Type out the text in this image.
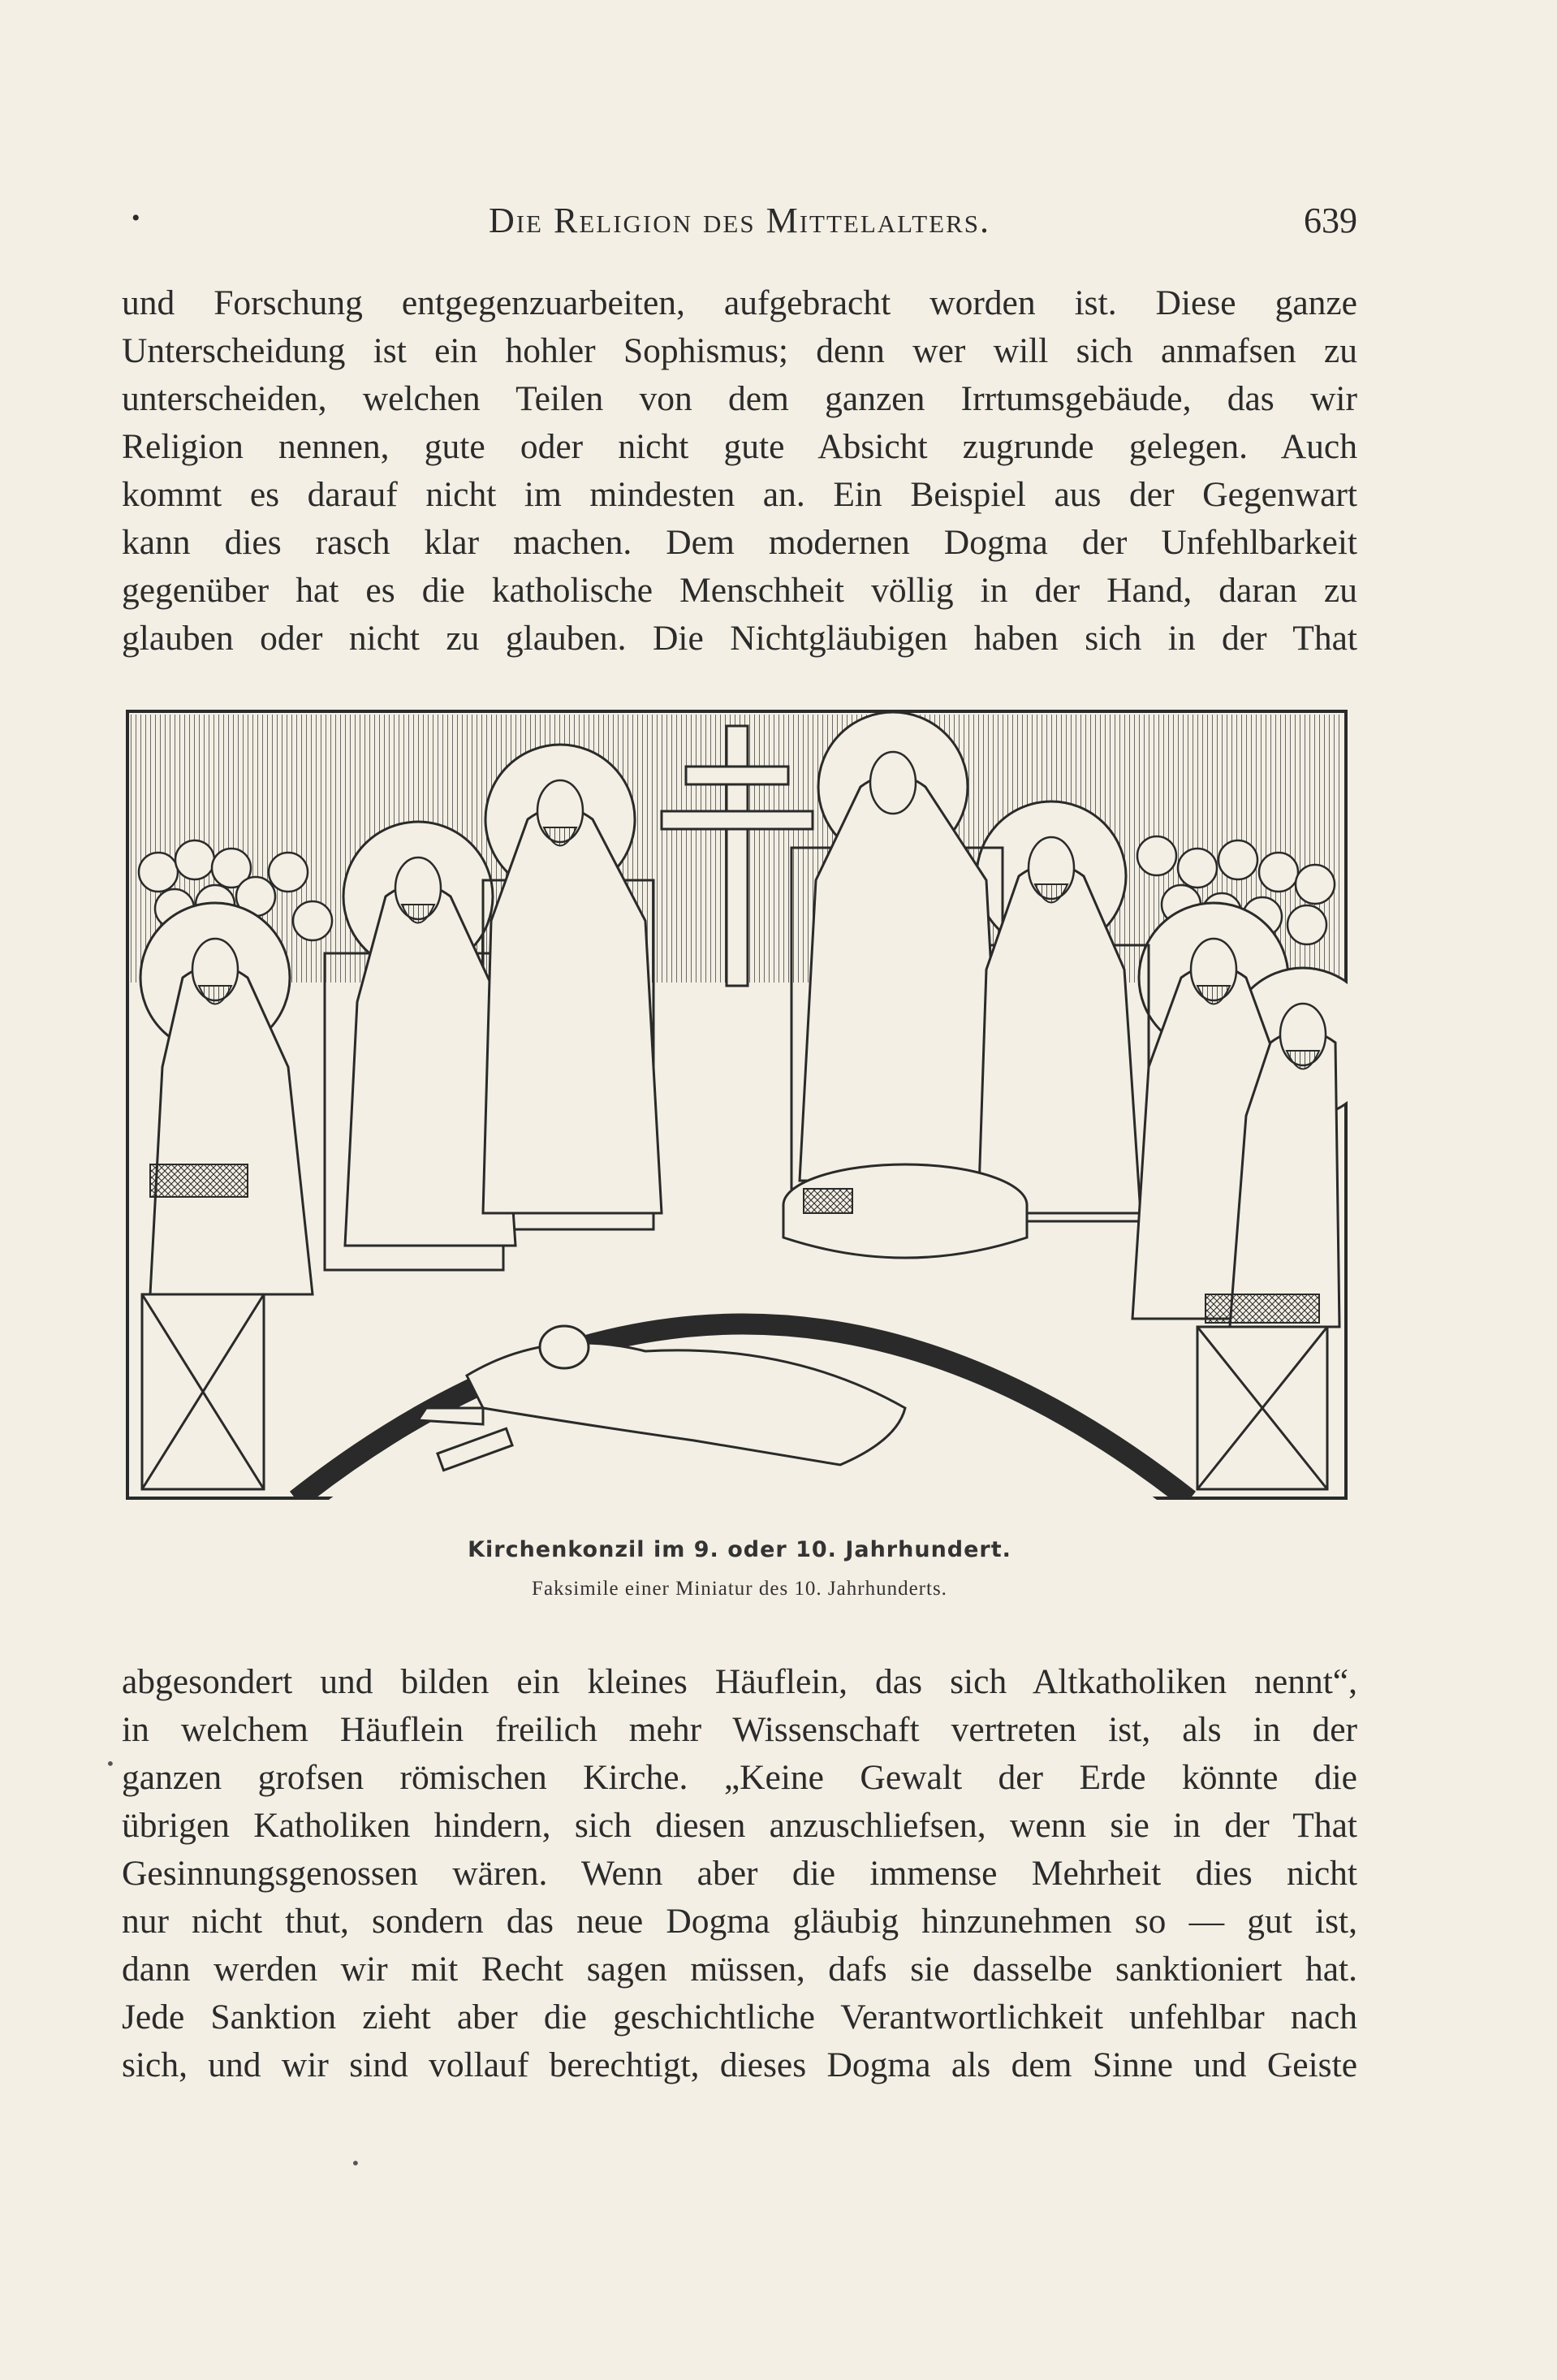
•	Die Religion des Mittelalters.	639

und Forschung entgegenzuarbeiten, aufgebracht worden ist. Diese ganze
Unterscheidung ist ein hohler Sophismus; denn wer will sich anmafsen zu
unterscheiden, welchen Teilen von dem ganzen Irrtumsgebäude, das wir
Religion nennen, gute oder nicht gute Absicht zugrunde gelegen. Auch
kommt es darauf nicht im mindesten an. Ein Beispiel aus der Gegenwart
kann dies rasch klar machen. Dem modernen Dogma der Unfehlbarkeit
gegenüber hat es die katholische Menschheit völlig in der Hand, daran zu
glauben oder nicht zu glauben. Die Nichtgläubigen haben sich in der That

Kirchenkonzil im 9. oder 10. Jahrhundert.
Faksimile einer Miniatur des 10. Jahrhunderts.

abgesondert und bilden ein kleines Häuflein, das sich Altkatholiken nennt“,
in welchem Häuflein freilich mehr Wissenschaft vertreten ist, als in der
ganzen grofsen römischen Kirche. „Keine Gewalt der Erde könnte die
übrigen Katholiken hindern, sich diesen anzuschliefsen, wenn sie in der That
Gesinnungsgenossen wären. Wenn aber die immense Mehrheit dies nicht
nur nicht thut, sondern das neue Dogma gläubig hinzunehmen so — gut ist,
dann werden wir mit Recht sagen müssen, dafs sie dasselbe sanktioniert hat.
Jede Sanktion zieht aber die geschichtliche Verantwortlichkeit unfehlbar nach
sich, und wir sind vollauf berechtigt, dieses Dogma als dem Sinne und Geiste

•
•
